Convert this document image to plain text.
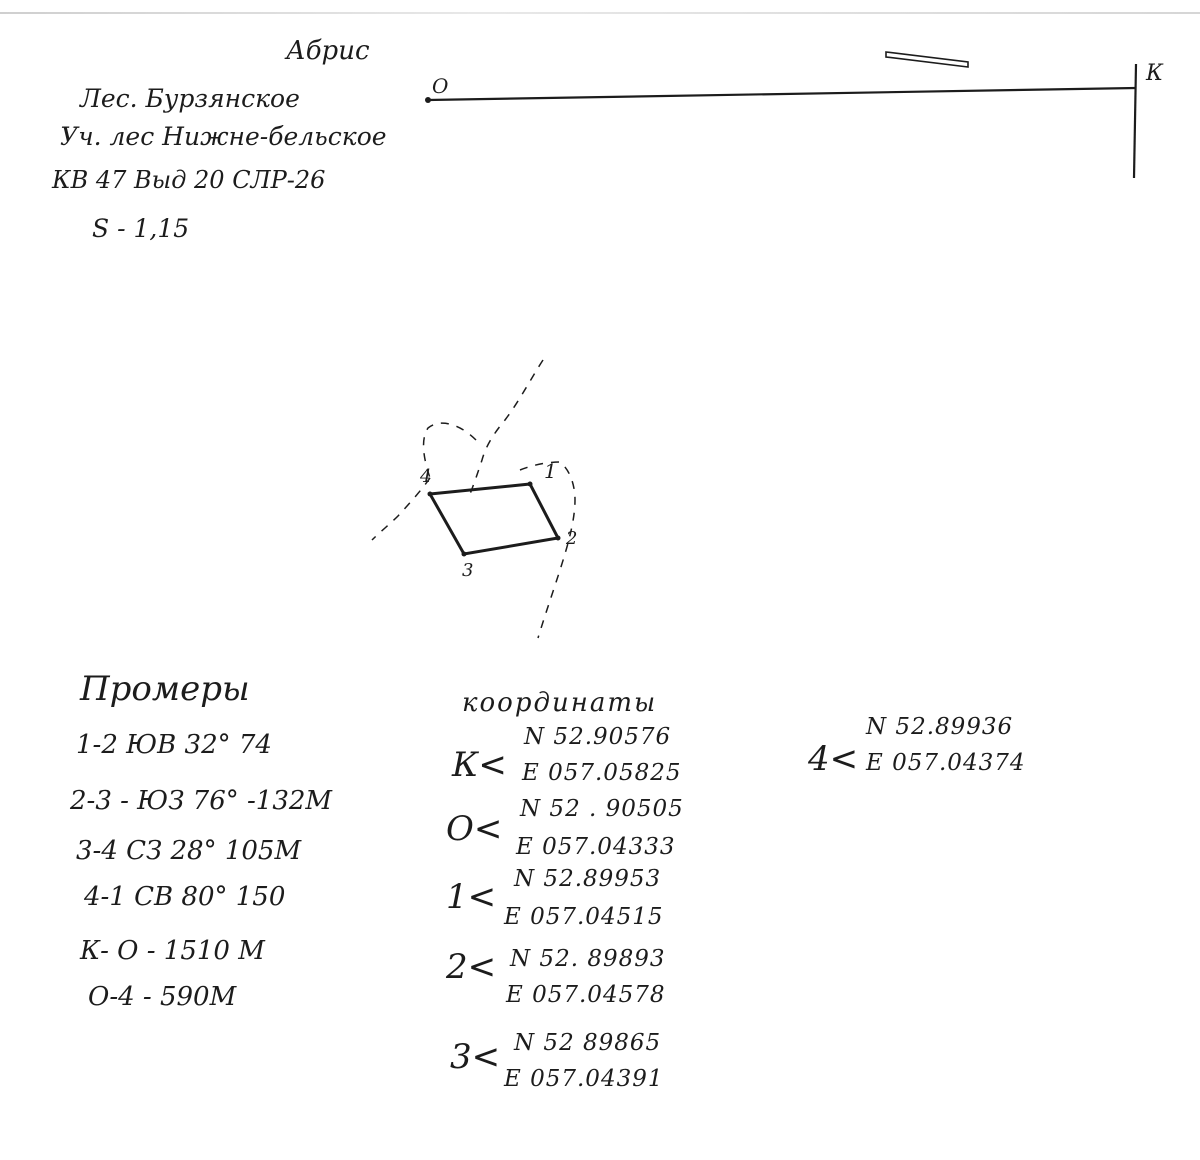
Абрис
Лес. Бурзянское
Уч. лес Нижне-бельское
КВ 47 Выд 20 СЛР-26
S - 1,15
О	К
1
2
3
4
Промеры
1-2 ЮВ 32° 74
2-3 - ЮЗ 76° -132М
3-4 СЗ 28° 105М
4-1 СВ 80° 150
К- О - 1510 М
О-4 - 590М
координаты
К<
N 52.90576
E 057.05825
О< N 52 . 90505
E 057.04333
1< N 52.89953
E 057.04515
2< N 52. 89893
E 057.04578
3< N 52 89865
E 057.04391
4<
N 52.89936
E 057.04374
